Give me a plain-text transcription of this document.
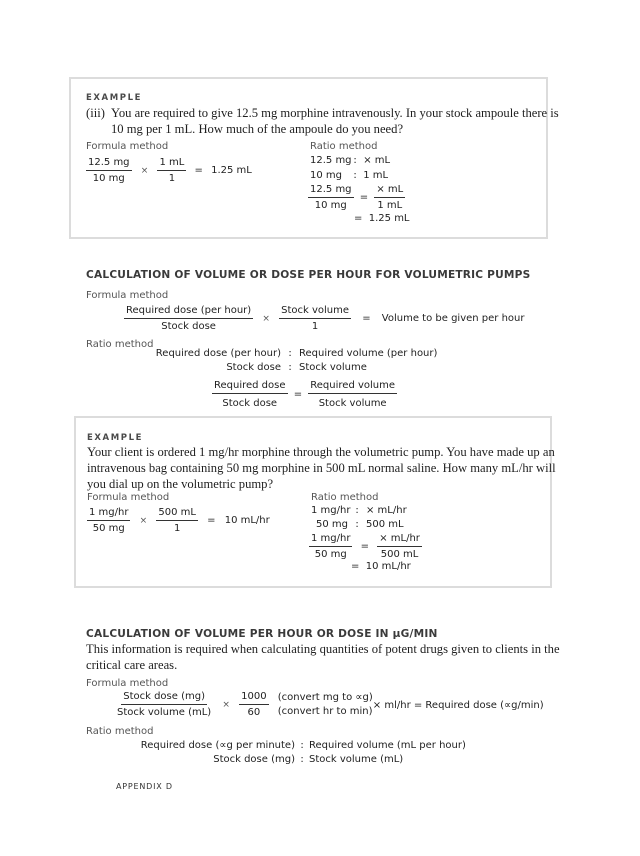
EXAMPLE
(iii) You are required to give 12.5 mg morphine intravenously. In your stock ampoule there is
10 mg per 1 mL. How much of the ampoule do you need?
Formula method
$\frac{12.5 mg}{10 mg} \times \frac{1 mL}{1} = 1.25$ mL
Ratio method
12.5 mg : × mL
10 mg : 1 mL
$\frac{12.5 mg}{10 mg} = \frac{\times mL}{1 mL}$
= 1.25 mL
CALCULATION OF VOLUME OR DOSE PER HOUR FOR VOLUMETRIC PUMPS
Formula method
$\frac{\text{Required dose (per hour)}}{\text{Stock dose}} \times \frac{\text{Stock volume}}{1}$ = Volume to be given per hour
Ratio method
Required dose (per hour) : Required volume (per hour)
Stock dose : Stock volume
$\frac{\text{Required dose}}{\text{Stock dose}} = \frac{\text{Required volume}}{\text{Stock volume}}$
EXAMPLE
Your client is ordered 1 mg/hr morphine through the volumetric pump. You have made up an
intravenous bag containing 50 mg morphine in 500 mL normal saline. How many mL/hr will
you dial up on the volumetric pump?
Formula method
$\frac{1 mg/hr}{50 mg} \times \frac{500 mL}{1} = 10$ mL/hr
Ratio method
1 mg/hr : × mL/hr
50 mg : 500 mL
$\frac{1 mg/hr}{50 mg} = \frac{\times mL/hr}{500 mL}$
= 10 mL/hr
CALCULATION OF VOLUME PER HOUR OR DOSE IN μG/MIN
This information is required when calculating quantities of potent drugs given to clients in the
critical care areas.
Formula method
$\frac{\text{Stock dose (mg)}}{\text{Stock volume (mL)}} \times \frac{1000}{60}$
(convert mg to ∝g)
(convert hr to min) × ml/hr = Required dose (∝g/min)
Ratio method
Required dose (∝g per minute) : Required volume (mL per hour)
Stock dose (mg) : Stock volume (mL)
APPENDIX D
